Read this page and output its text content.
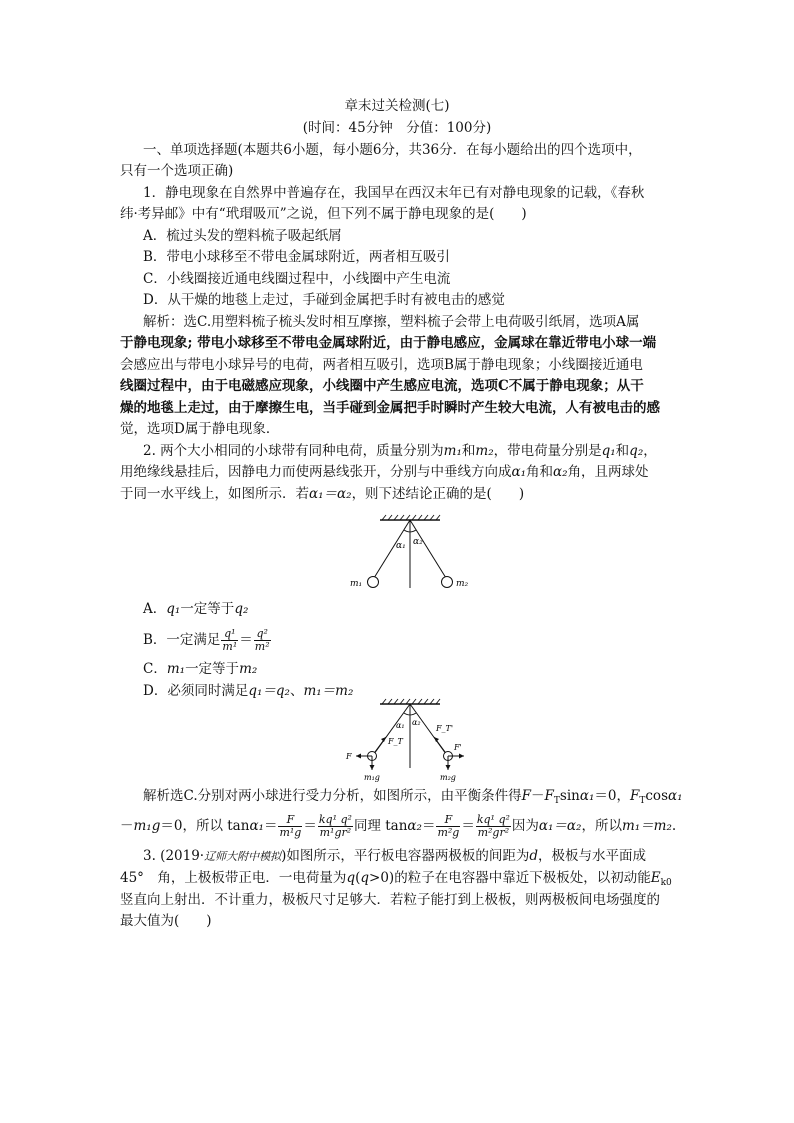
章末过关检测(七)
(时间：45分钟　分值：100分)
一、单项选择题(本题共6小题，每小题6分，共36分．在每小题给出的四个选项中，
只有一个选项正确)
1．静电现象在自然界中普遍存在，我国早在西汉末年已有对静电现象的记载，《春秋
纬·考异邮》中有“玳瑁吸𥘅”之说，但下列不属于静电现象的是(　　)
A．梳过头发的塑料梳子吸起纸屑
B．带电小球移至不带电金属球附近，两者相互吸引
C．小线圈接近通电线圈过程中，小线圈中产生电流
D．从干燥的地毯上走过，手碰到金属把手时有被电击的感觉
解析：选C.用塑料梳子梳头发时相互摩擦，塑料梳子会带上电荷吸引纸屑，选项A属
于静电现象; 带电小球移至不带电金属球附近，由于静电感应，金属球在靠近带电小球一端
会感应出与带电小球异号的电荷，两者相互吸引，选项B属于静电现象；小线圈接近通电
线圈过程中，由于电磁感应现象，小线圈中产生感应电流，选项C不属于静电现象；从干
燥的地毯上走过，由于摩擦生电，当手碰到金属把手时瞬时产生较大电流，人有被电击的感
觉，选项D属于静电现象．
2. 两个大小相同的小球带有同种电荷，质量分别为m₁和m₂，带电荷量分别是q₁和q₂，
用绝缘线悬挂后，因静电力而使两悬线张开，分别与中垂线方向成α₁角和α₂角，且两球处
于同一水平线上，如图所示．若α₁＝α₂，则下述结论正确的是(　　)
α₁ α₂
m₁	m₂
A．q₁一定等于q₂
B．一定满足 $\frac{\text{q¹}}{\text{m¹}} = \frac{\text{q²}}{\text{m²}}$
C．m₁一定等于m₂
D．必须同时满足q₁＝q₂、m₁＝m₂
α₁ α₂
F_T
F_T'
F
F'
m₁g	m₂g
解析选C.分别对两小球进行受力分析，如图所示，由平衡条件得$F-F_T\sin\alpha_1=0$，$F_T\cos\alpha_1$
－m₁g＝0，所以 $\tan\alpha_1= \frac{F}{\text{m¹g}} = \frac{\text{kq¹ q²}}{\text{m¹gr²}}$ 同理 $\tan\alpha_2= \frac{F}{\text{m²g}} = \frac{\text{kq¹ q²}}{\text{m²gr²}}$ 因为α₁＝α₂，所以m₁＝m₂.
3. (2019·辽师大附中模拟)如图所示，平行板电容器两极板的间距为d，极板与水平面成
45°　角，上极板带正电．一电荷量为q(q>0)的粒子在电容器中靠近下极板处，以初动能$E_{k0}$
竖直向上射出．不计重力，极板尺寸足够大．若粒子能打到上极板，则两极板间电场强度的
最大值为(　　)
